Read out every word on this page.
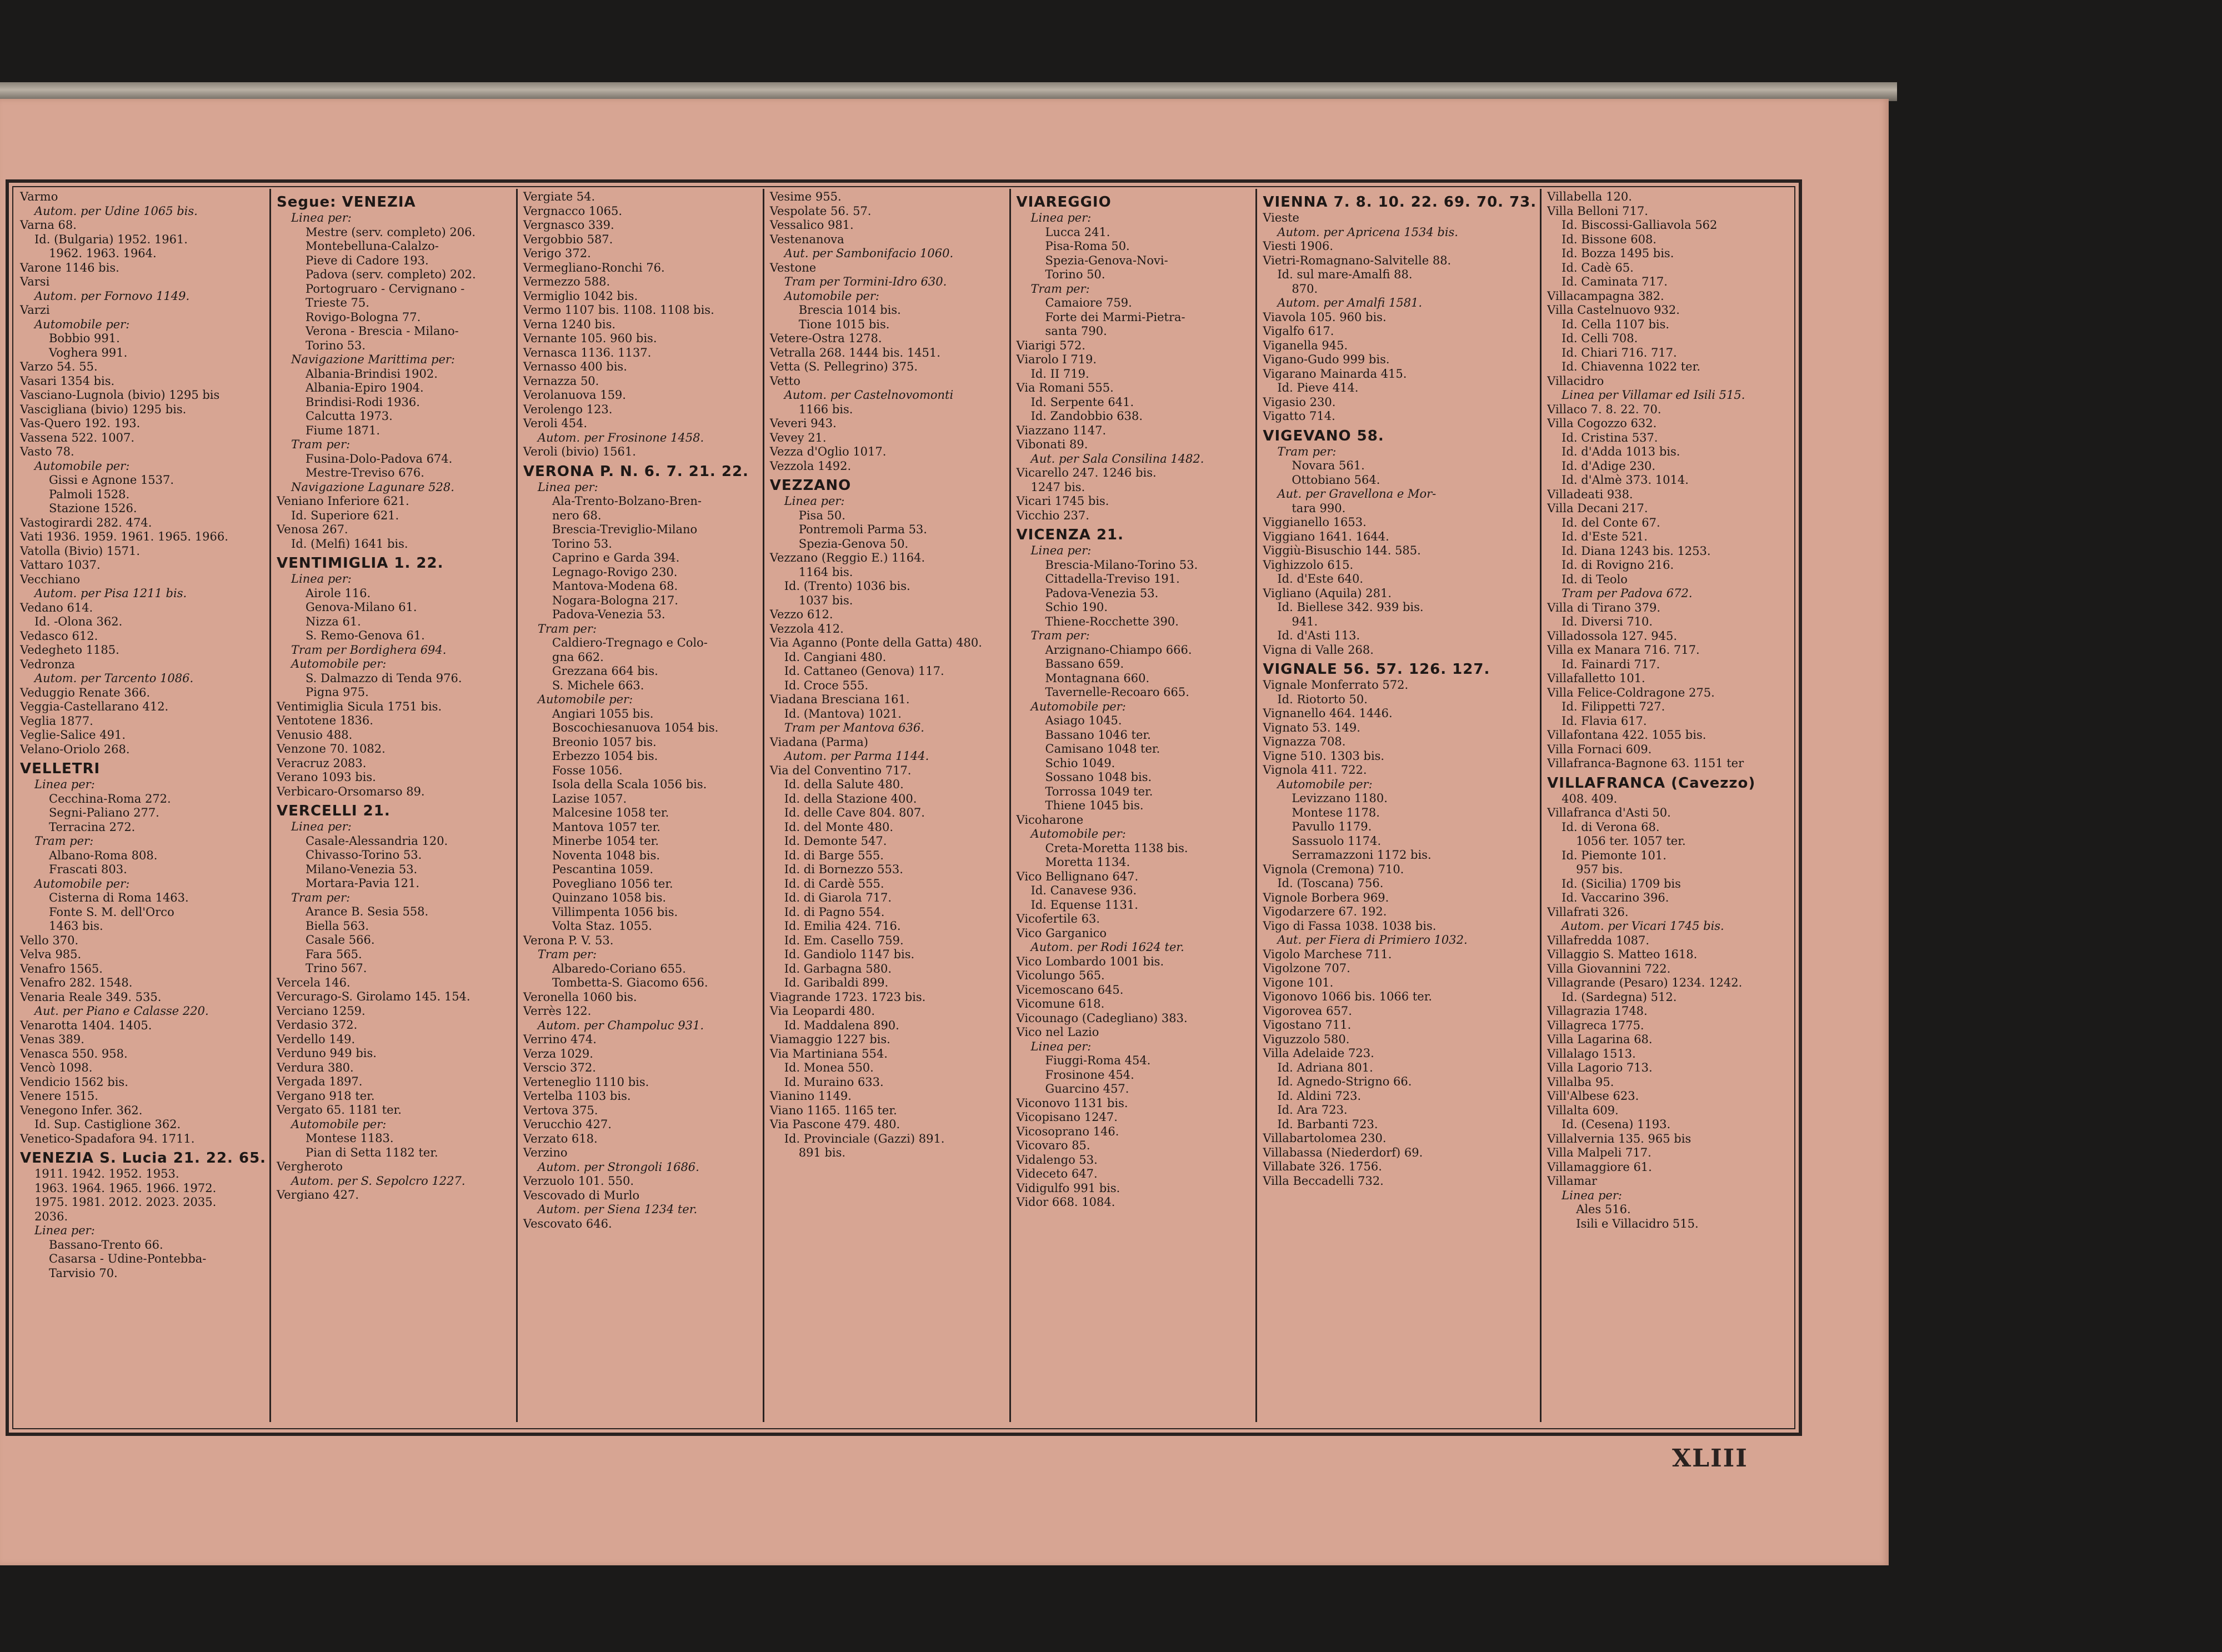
Varmo
Autom. per Udine 1065 bis.
Varna 68.
Id. (Bulgaria) 1952. 1961.
1962. 1963. 1964.
Varone 1146 bis.
Varsi
Autom. per Fornovo 1149.
Varzi
Automobile per:
Bobbio 991.
Voghera 991.
Varzo 54. 55.
Vasari 1354 bis.
Vasciano-Lugnola (bivio) 1295 bis
Vascigliana (bivio) 1295 bis.
Vas-Quero 192. 193.
Vassena 522. 1007.
Vasto 78.
Automobile per:
Gissi e Agnone 1537.
Palmoli 1528.
Stazione 1526.
Vastogirardi 282. 474.
Vati 1936. 1959. 1961. 1965. 1966.
Vatolla (Bivio) 1571.
Vattaro 1037.
Vecchiano
Autom. per Pisa 1211 bis.
Vedano 614.
Id. -Olona 362.
Vedasco 612.
Vedegheto 1185.
Vedronza
Autom. per Tarcento 1086.
Veduggio Renate 366.
Veggia-Castellarano 412.
Veglia 1877.
Veglie-Salice 491.
Velano-Oriolo 268.
VELLETRI
Linea per:
Cecchina-Roma 272.
Segni-Paliano 277.
Terracina 272.
Tram per:
Albano-Roma 808.
Frascati 803.
Automobile per:
Cisterna di Roma 1463.
Fonte S. M. dell'Orco
1463 bis.
Vello 370.
Velva 985.
Venafro 1565.
Venafro 282. 1548.
Venaria Reale 349. 535.
Aut. per Piano e Calasse 220.
Venarotta 1404. 1405.
Venas 389.
Venasca 550. 958.
Vencò 1098.
Vendicio 1562 bis.
Venere 1515.
Venegono Infer. 362.
Id. Sup. Castiglione 362.
Venetico-Spadafora 94. 1711.
VENEZIA S. Lucia 21. 22. 65.
1911. 1942. 1952. 1953.
1963. 1964. 1965. 1966. 1972.
1975. 1981. 2012. 2023. 2035.
2036.
Linea per:
Bassano-Trento 66.
Casarsa - Udine-Pontebba-
Tarvisio 70.
Segue: VENEZIA
Linea per:
Mestre (serv. completo) 206.
Montebelluna-Calalzo-
Pieve di Cadore 193.
Padova (serv. completo) 202.
Portogruaro - Cervignano -
Trieste 75.
Rovigo-Bologna 77.
Verona - Brescia - Milano-
Torino 53.
Navigazione Marittima per:
Albania-Brindisi 1902.
Albania-Epiro 1904.
Brindisi-Rodi 1936.
Calcutta 1973.
Fiume 1871.
Tram per:
Fusina-Dolo-Padova 674.
Mestre-Treviso 676.
Navigazione Lagunare 528.
Veniano Inferiore 621.
Id. Superiore 621.
Venosa 267.
Id. (Melfi) 1641 bis.
VENTIMIGLIA 1. 22.
Linea per:
Airole 116.
Genova-Milano 61.
Nizza 61.
S. Remo-Genova 61.
Tram per Bordighera 694.
Automobile per:
S. Dalmazzo di Tenda 976.
Pigna 975.
Ventimiglia Sicula 1751 bis.
Ventotene 1836.
Venusio 488.
Venzone 70. 1082.
Veracruz 2083.
Verano 1093 bis.
Verbicaro-Orsomarso 89.
VERCELLI 21.
Linea per:
Casale-Alessandria 120.
Chivasso-Torino 53.
Milano-Venezia 53.
Mortara-Pavia 121.
Tram per:
Arance B. Sesia 558.
Biella 563.
Casale 566.
Fara 565.
Trino 567.
Vercela 146.
Vercurago-S. Girolamo 145. 154.
Verciano 1259.
Verdasio 372.
Verdello 149.
Verduno 949 bis.
Verdura 380.
Vergada 1897.
Vergano 918 ter.
Vergato 65. 1181 ter.
Automobile per:
Montese 1183.
Pian di Setta 1182 ter.
Vergheroto
Autom. per S. Sepolcro 1227.
Vergiano 427.
Vergiate 54.
Vergnacco 1065.
Vergnasco 339.
Vergobbio 587.
Verigo 372.
Vermegliano-Ronchi 76.
Vermezzo 588.
Vermiglio 1042 bis.
Vermo 1107 bis. 1108. 1108 bis.
Verna 1240 bis.
Vernante 105. 960 bis.
Vernasca 1136. 1137.
Vernasso 400 bis.
Vernazza 50.
Verolanuova 159.
Verolengo 123.
Veroli 454.
Autom. per Frosinone 1458.
Veroli (bivio) 1561.
VERONA P. N. 6. 7. 21. 22.
Linea per:
Ala-Trento-Bolzano-Bren-
nero 68.
Brescia-Treviglio-Milano
Torino 53.
Caprino e Garda 394.
Legnago-Rovigo 230.
Mantova-Modena 68.
Nogara-Bologna 217.
Padova-Venezia 53.
Tram per:
Caldiero-Tregnago e Colo-
gna 662.
Grezzana 664 bis.
S. Michele 663.
Automobile per:
Angiari 1055 bis.
Boscochiesanuova 1054 bis.
Breonio 1057 bis.
Erbezzo 1054 bis.
Fosse 1056.
Isola della Scala 1056 bis.
Lazise 1057.
Malcesine 1058 ter.
Mantova 1057 ter.
Minerbe 1054 ter.
Noventa 1048 bis.
Pescantina 1059.
Povegliano 1056 ter.
Quinzano 1058 bis.
Villimpenta 1056 bis.
Volta Staz. 1055.
Verona P. V. 53.
Tram per:
Albaredo-Coriano 655.
Tombetta-S. Giacomo 656.
Veronella 1060 bis.
Verrès 122.
Autom. per Champoluc 931.
Verrino 474.
Verza 1029.
Verscio 372.
Verteneglio 1110 bis.
Vertelba 1103 bis.
Vertova 375.
Verucchio 427.
Verzato 618.
Verzino
Autom. per Strongoli 1686.
Verzuolo 101. 550.
Vescovado di Murlo
Autom. per Siena 1234 ter.
Vescovato 646.
Vesime 955.
Vespolate 56. 57.
Vessalico 981.
Vestenanova
Aut. per Sambonifacio 1060.
Vestone
Tram per Tormini-Idro 630.
Automobile per:
Brescia 1014 bis.
Tione 1015 bis.
Vetere-Ostra 1278.
Vetralla 268. 1444 bis. 1451.
Vetta (S. Pellegrino) 375.
Vetto
Autom. per Castelnovomonti
1166 bis.
Veveri 943.
Vevey 21.
Vezza d'Oglio 1017.
Vezzola 1492.
VEZZANO
Linea per:
Pisa 50.
Pontremoli Parma 53.
Spezia-Genova 50.
Vezzano (Reggio E.) 1164.
1164 bis.
Id. (Trento) 1036 bis.
1037 bis.
Vezzo 612.
Vezzola 412.
Via Aganno (Ponte della Gatta) 480.
Id. Cangiani 480.
Id. Cattaneo (Genova) 117.
Id. Croce 555.
Viadana Bresciana 161.
Id. (Mantova) 1021.
Tram per Mantova 636.
Viadana (Parma)
Autom. per Parma 1144.
Via del Conventino 717.
Id. della Salute 480.
Id. della Stazione 400.
Id. delle Cave 804. 807.
Id. del Monte 480.
Id. Demonte 547.
Id. di Barge 555.
Id. di Bornezzo 553.
Id. di Cardè 555.
Id. di Giarola 717.
Id. di Pagno 554.
Id. Emilia 424. 716.
Id. Em. Casello 759.
Id. Gandiolo 1147 bis.
Id. Garbagna 580.
Id. Garibaldi 899.
Viagrande 1723. 1723 bis.
Via Leopardi 480.
Id. Maddalena 890.
Viamaggio 1227 bis.
Via Martiniana 554.
Id. Monea 550.
Id. Muraino 633.
Vianino 1149.
Viano 1165. 1165 ter.
Via Pascone 479. 480.
Id. Provinciale (Gazzi) 891.
891 bis.
VIAREGGIO
Linea per:
Lucca 241.
Pisa-Roma 50.
Spezia-Genova-Novi-
Torino 50.
Tram per:
Camaiore 759.
Forte dei Marmi-Pietra-
santa 790.
Viarigi 572.
Viarolo I 719.
Id. II 719.
Via Romani 555.
Id. Serpente 641.
Id. Zandobbio 638.
Viazzano 1147.
Vibonati 89.
Aut. per Sala Consilina 1482.
Vicarello 247. 1246 bis.
1247 bis.
Vicari 1745 bis.
Vicchio 237.
VICENZA 21.
Linea per:
Brescia-Milano-Torino 53.
Cittadella-Treviso 191.
Padova-Venezia 53.
Schio 190.
Thiene-Rocchette 390.
Tram per:
Arzignano-Chiampo 666.
Bassano 659.
Montagnana 660.
Tavernelle-Recoaro 665.
Automobile per:
Asiago 1045.
Bassano 1046 ter.
Camisano 1048 ter.
Schio 1049.
Sossano 1048 bis.
Torrossa 1049 ter.
Thiene 1045 bis.
Vicoharone
Automobile per:
Creta-Moretta 1138 bis.
Moretta 1134.
Vico Bellignano 647.
Id. Canavese 936.
Id. Equense 1131.
Vicofertile 63.
Vico Garganico
Autom. per Rodi 1624 ter.
Vico Lombardo 1001 bis.
Vicolungo 565.
Vicemoscano 645.
Vicomune 618.
Vicounago (Cadegliano) 383.
Vico nel Lazio
Linea per:
Fiuggi-Roma 454.
Frosinone 454.
Guarcino 457.
Viconovo 1131 bis.
Vicopisano 1247.
Vicosoprano 146.
Vicovaro 85.
Vidalengo 53.
Videceto 647.
Vidigulfo 991 bis.
Vidor 668. 1084.
VIENNA 7. 8. 10. 22. 69. 70. 73.
Vieste
Autom. per Apricena 1534 bis.
Viesti 1906.
Vietri-Romagnano-Salvitelle 88.
Id. sul mare-Amalfi 88.
870.
Autom. per Amalfi 1581.
Viavola 105. 960 bis.
Vigalfo 617.
Viganella 945.
Vigano-Gudo 999 bis.
Vigarano Mainarda 415.
Id. Pieve 414.
Vigasio 230.
Vigatto 714.
VIGEVANO 58.
Tram per:
Novara 561.
Ottobiano 564.
Aut. per Gravellona e Mor-
tara 990.
Viggianello 1653.
Viggiano 1641. 1644.
Viggiù-Bisuschio 144. 585.
Vighizzolo 615.
Id. d'Este 640.
Vigliano (Aquila) 281.
Id. Biellese 342. 939 bis.
941.
Id. d'Asti 113.
Vigna di Valle 268.
VIGNALE 56. 57. 126. 127.
Vignale Monferrato 572.
Id. Riotorto 50.
Vignanello 464. 1446.
Vignato 53. 149.
Vignazza 708.
Vigne 510. 1303 bis.
Vignola 411. 722.
Automobile per:
Levizzano 1180.
Montese 1178.
Pavullo 1179.
Sassuolo 1174.
Serramazzoni 1172 bis.
Vignola (Cremona) 710.
Id. (Toscana) 756.
Vignole Borbera 969.
Vigodarzere 67. 192.
Vigo di Fassa 1038. 1038 bis.
Aut. per Fiera di Primiero 1032.
Vigolo Marchese 711.
Vigolzone 707.
Vigone 101.
Vigonovo 1066 bis. 1066 ter.
Vigorovea 657.
Vigostano 711.
Viguzzolo 580.
Villa Adelaide 723.
Id. Adriana 801.
Id. Agnedo-Strigno 66.
Id. Aldini 723.
Id. Ara 723.
Id. Barbanti 723.
Villabartolomea 230.
Villabassa (Niederdorf) 69.
Villabate 326. 1756.
Villa Beccadelli 732.
Villabella 120.
Villa Belloni 717.
Id. Biscossi-Galliavola 562
Id. Bissone 608.
Id. Bozza 1495 bis.
Id. Cadè 65.
Id. Caminata 717.
Villacampagna 382.
Villa Castelnuovo 932.
Id. Cella 1107 bis.
Id. Celli 708.
Id. Chiari 716. 717.
Id. Chiavenna 1022 ter.
Villacidro
Linea per Villamar ed Isili 515.
Villaco 7. 8. 22. 70.
Villa Cogozzo 632.
Id. Cristina 537.
Id. d'Adda 1013 bis.
Id. d'Adige 230.
Id. d'Almè 373. 1014.
Villadeati 938.
Villa Decani 217.
Id. del Conte 67.
Id. d'Este 521.
Id. Diana 1243 bis. 1253.
Id. di Rovigno 216.
Id. di Teolo
Tram per Padova 672.
Villa di Tirano 379.
Id. Diversi 710.
Villadossola 127. 945.
Villa ex Manara 716. 717.
Id. Fainardi 717.
Villafalletto 101.
Villa Felice-Coldragone 275.
Id. Filippetti 727.
Id. Flavia 617.
Villafontana 422. 1055 bis.
Villa Fornaci 609.
Villafranca-Bagnone 63. 1151 ter
VILLAFRANCA (Cavezzo)
408. 409.
Villafranca d'Asti 50.
Id. di Verona 68.
1056 ter. 1057 ter.
Id. Piemonte 101.
957 bis.
Id. (Sicilia) 1709 bis
Id. Vaccarino 396.
Villafrati 326.
Autom. per Vicari 1745 bis.
Villafredda 1087.
Villaggio S. Matteo 1618.
Villa Giovannini 722.
Villagrande (Pesaro) 1234. 1242.
Id. (Sardegna) 512.
Villagrazia 1748.
Villagreca 1775.
Villa Lagarina 68.
Villalago 1513.
Villa Lagorio 713.
Villalba 95.
Vill'Albese 623.
Villalta 609.
Id. (Cesena) 1193.
Villalvernia 135. 965 bis
Villa Malpeli 717.
Villamaggiore 61.
Villamar
Linea per:
Ales 516.
Isili e Villacidro 515.
XLIII
